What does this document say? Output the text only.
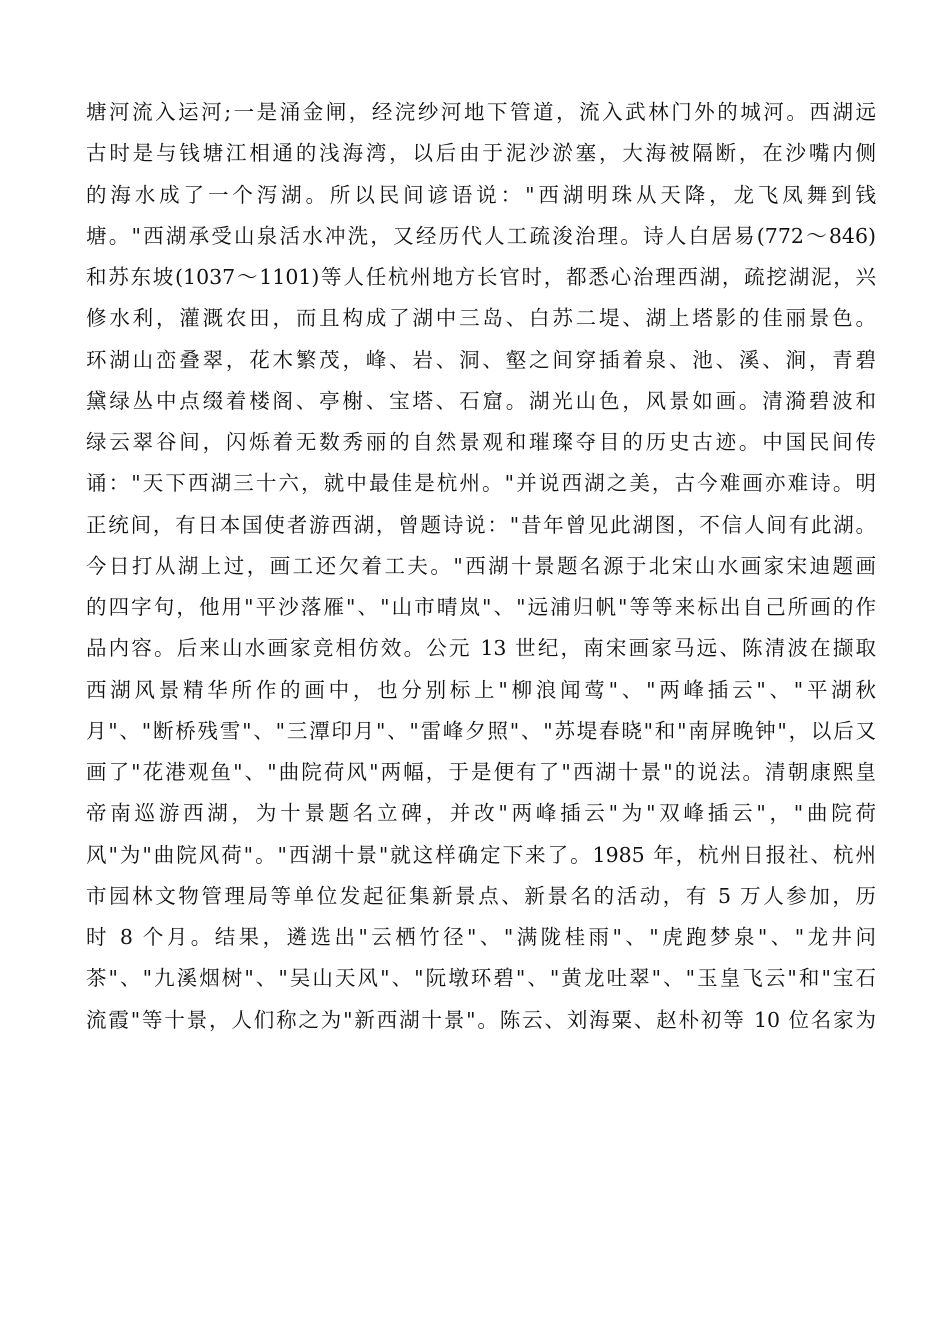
塘河流入运河;一是涌金闸，经浣纱河地下管道，流入武林门外的城河。西湖远
古时是与钱塘江相通的浅海湾，以后由于泥沙淤塞，大海被隔断，在沙嘴内侧
的海水成了一个泻湖。所以民间谚语说："西湖明珠从天降，龙飞凤舞到钱
塘。"西湖承受山泉活水冲洗，又经历代人工疏浚治理。诗人白居易(772～846)
和苏东坡(1037～1101)等人任杭州地方长官时，都悉心治理西湖，疏挖湖泥，兴
修水利，灌溉农田，而且构成了湖中三岛、白苏二堤、湖上塔影的佳丽景色。
环湖山峦叠翠，花木繁茂，峰、岩、洞、壑之间穿插着泉、池、溪、涧，青碧
黛绿丛中点缀着楼阁、亭榭、宝塔、石窟。湖光山色，风景如画。清漪碧波和
绿云翠谷间，闪烁着无数秀丽的自然景观和璀璨夺目的历史古迹。中国民间传
诵："天下西湖三十六，就中最佳是杭州。"并说西湖之美，古今难画亦难诗。明
正统间，有日本国使者游西湖，曾题诗说："昔年曾见此湖图，不信人间有此湖。
今日打从湖上过，画工还欠着工夫。"西湖十景题名源于北宋山水画家宋迪题画
的四字句，他用"平沙落雁"、"山市晴岚"、"远浦归帆"等等来标出自己所画的作
品内容。后来山水画家竞相仿效。公元 13 世纪，南宋画家马远、陈清波在撷取
西湖风景精华所作的画中，也分别标上"柳浪闻莺"、"两峰插云"、"平湖秋
月"、"断桥残雪"、"三潭印月"、"雷峰夕照"、"苏堤春晓"和"南屏晚钟"，以后又
画了"花港观鱼"、"曲院荷风"两幅，于是便有了"西湖十景"的说法。清朝康熙皇
帝南巡游西湖，为十景题名立碑，并改"两峰插云"为"双峰插云"，"曲院荷
风"为"曲院风荷"。"西湖十景"就这样确定下来了。1985 年，杭州日报社、杭州
市园林文物管理局等单位发起征集新景点、新景名的活动，有 5 万人参加，历
时 8 个月。结果，遴选出"云栖竹径"、"满陇桂雨"、"虎跑梦泉"、"龙井问
茶"、"九溪烟树"、"吴山天风"、"阮墩环碧"、"黄龙吐翠"、"玉皇飞云"和"宝石
流霞"等十景，人们称之为"新西湖十景"。陈云、刘海粟、赵朴初等 10 位名家为
